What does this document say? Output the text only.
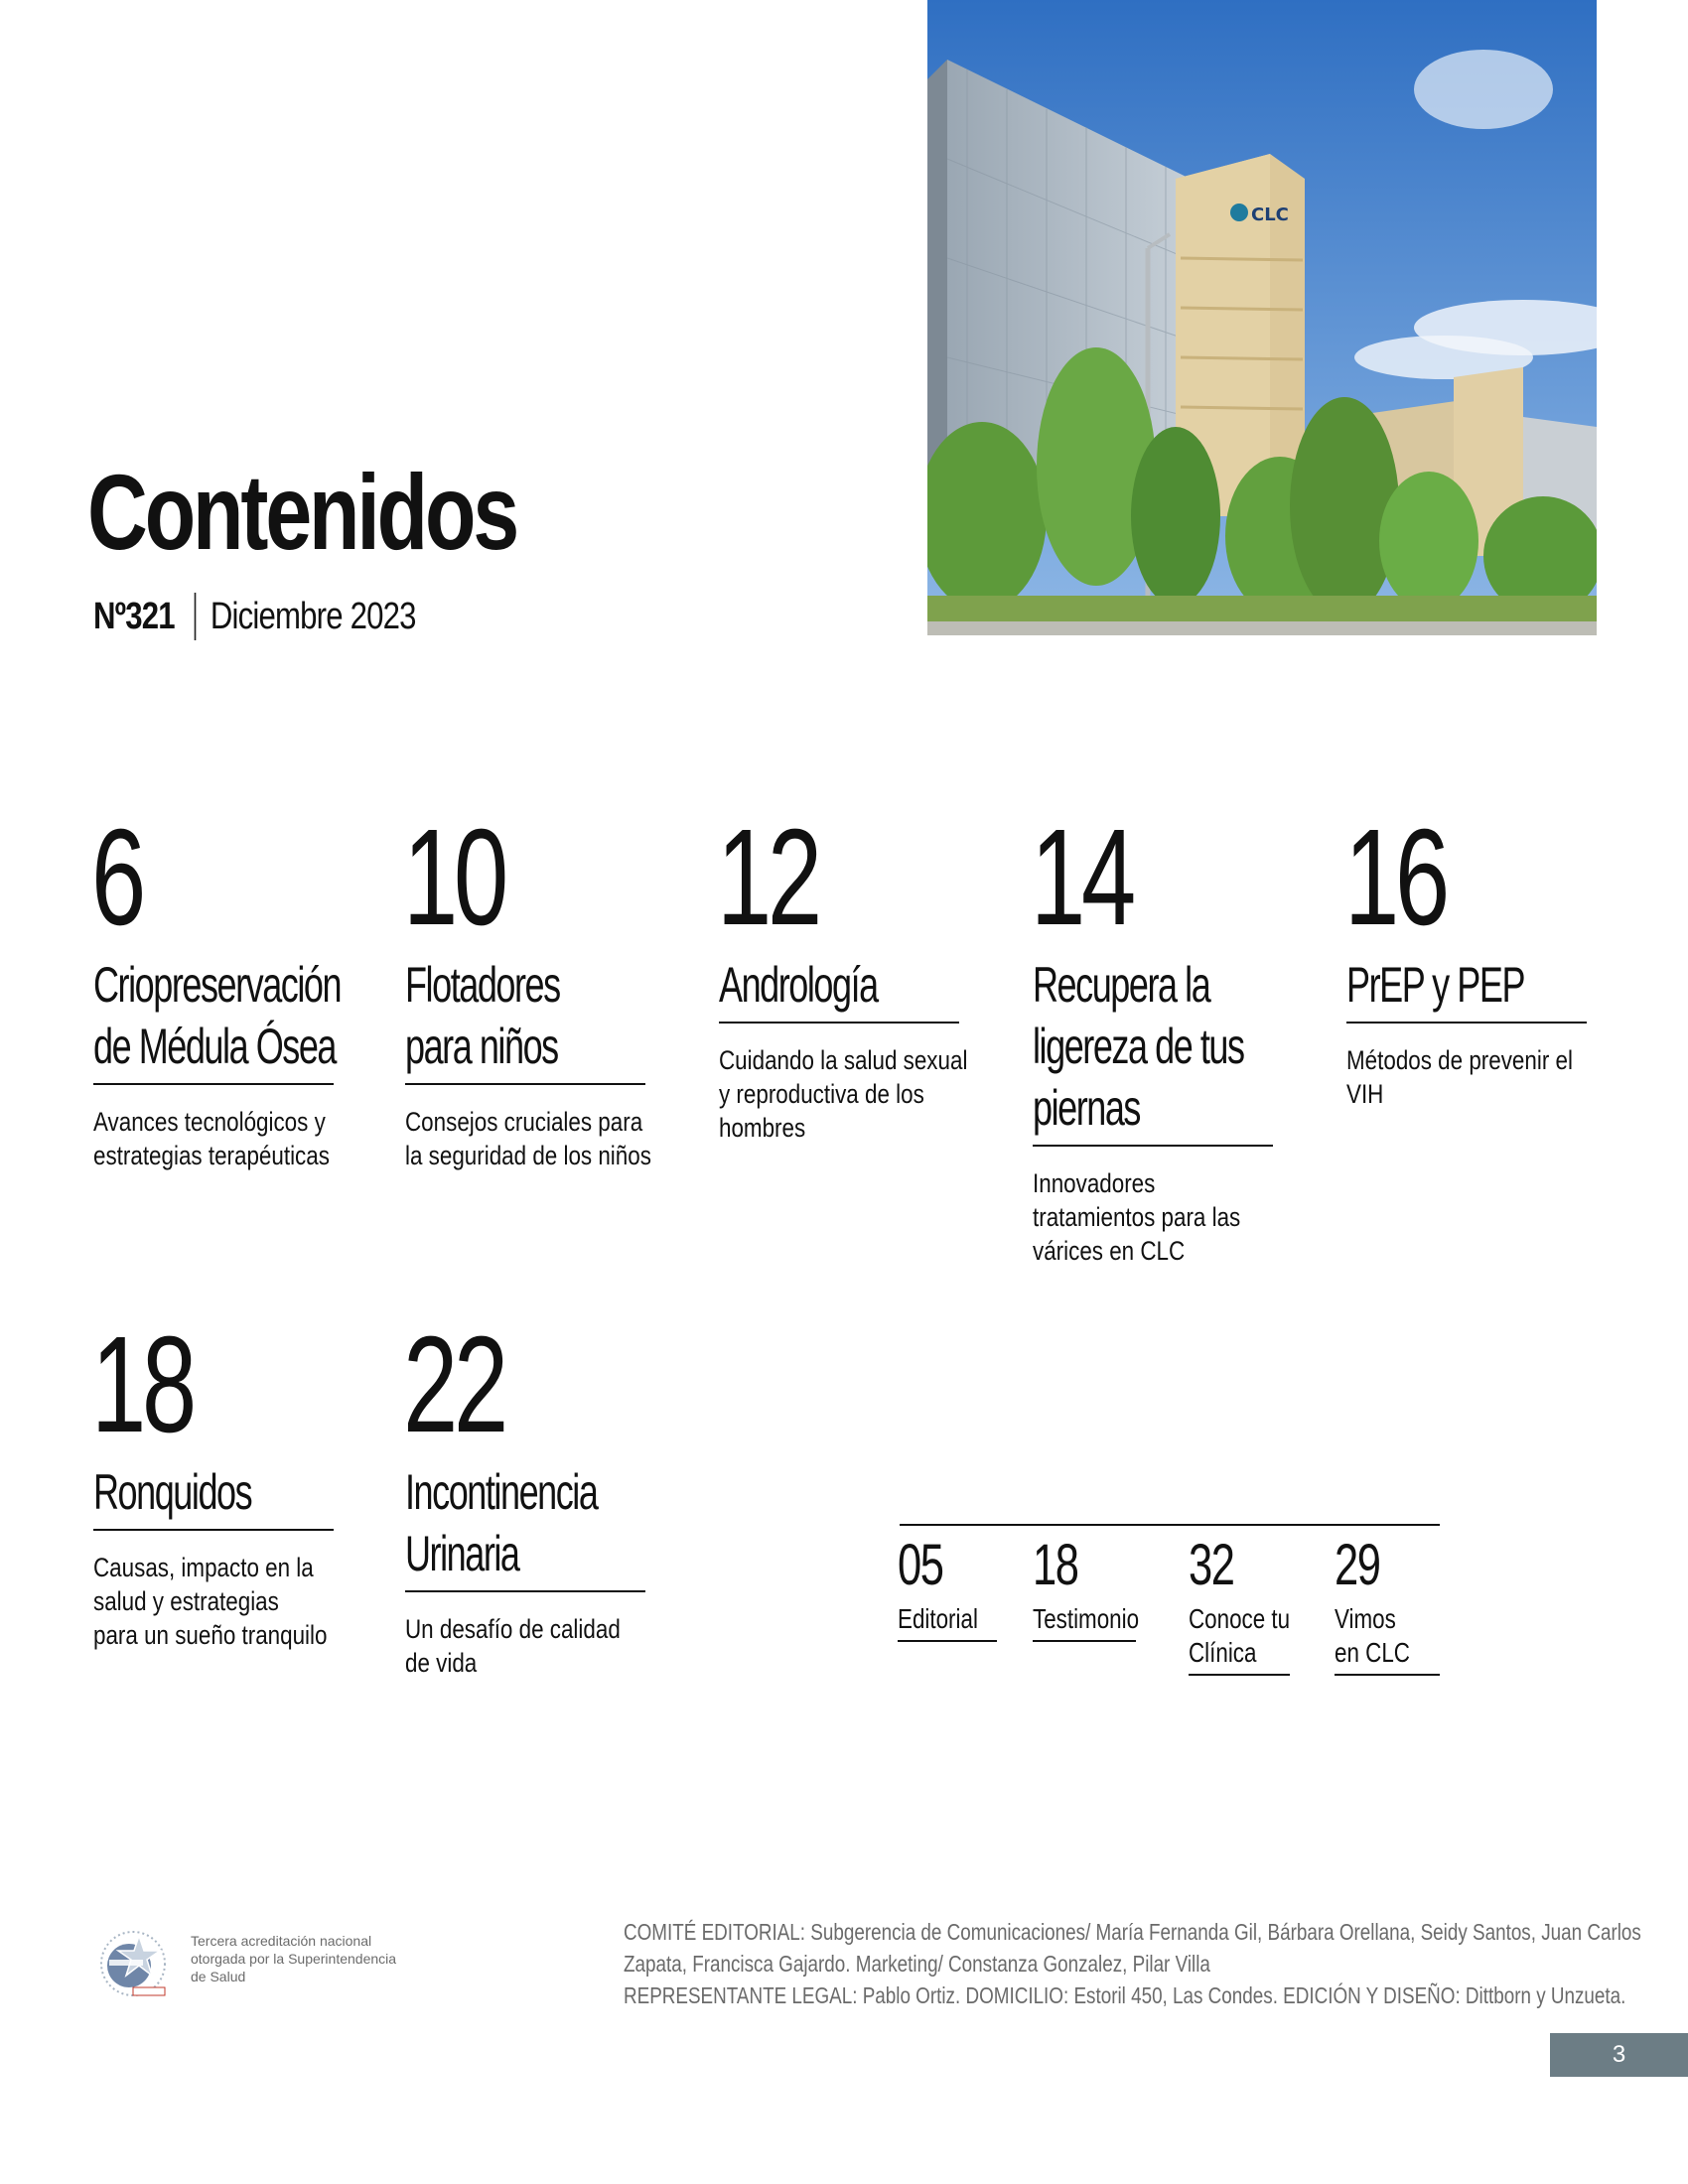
CLC
Contenidos
Nº321 Diciembre 2023
6
Criopreservación
de Médula Ósea
Avances tecnológicos y
estrategias terapéuticas
10
Flotadores
para niños
Consejos cruciales para
la seguridad de los niños
12
Andrología
Cuidando la salud sexual
y reproductiva de los
hombres
14
Recupera la
ligereza de tus
piernas
Innovadores
tratamientos para las
várices en CLC
16
PrEP y PEP
Métodos de prevenir el
VIH
18
Ronquidos
Causas, impacto en la
salud y estrategias
para un sueño tranquilo
22
Incontinencia
Urinaria
Un desafío de calidad
de vida
05
Editorial
18
Testimonio
32
Conoce tu
Clínica
29
Vimos
en CLC
Tercera acreditación nacional
otorgada por la Superintendencia
de Salud
COMITÉ EDITORIAL: Subgerencia de Comunicaciones/ María Fernanda Gil, Bárbara Orellana, Seidy Santos, Juan Carlos
Zapata, Francisca Gajardo. Marketing/ Constanza Gonzalez, Pilar Villa
REPRESENTANTE LEGAL: Pablo Ortiz. DOMICILIO: Estoril 450, Las Condes. EDICIÓN Y DISEÑO: Dittborn y Unzueta.
3
